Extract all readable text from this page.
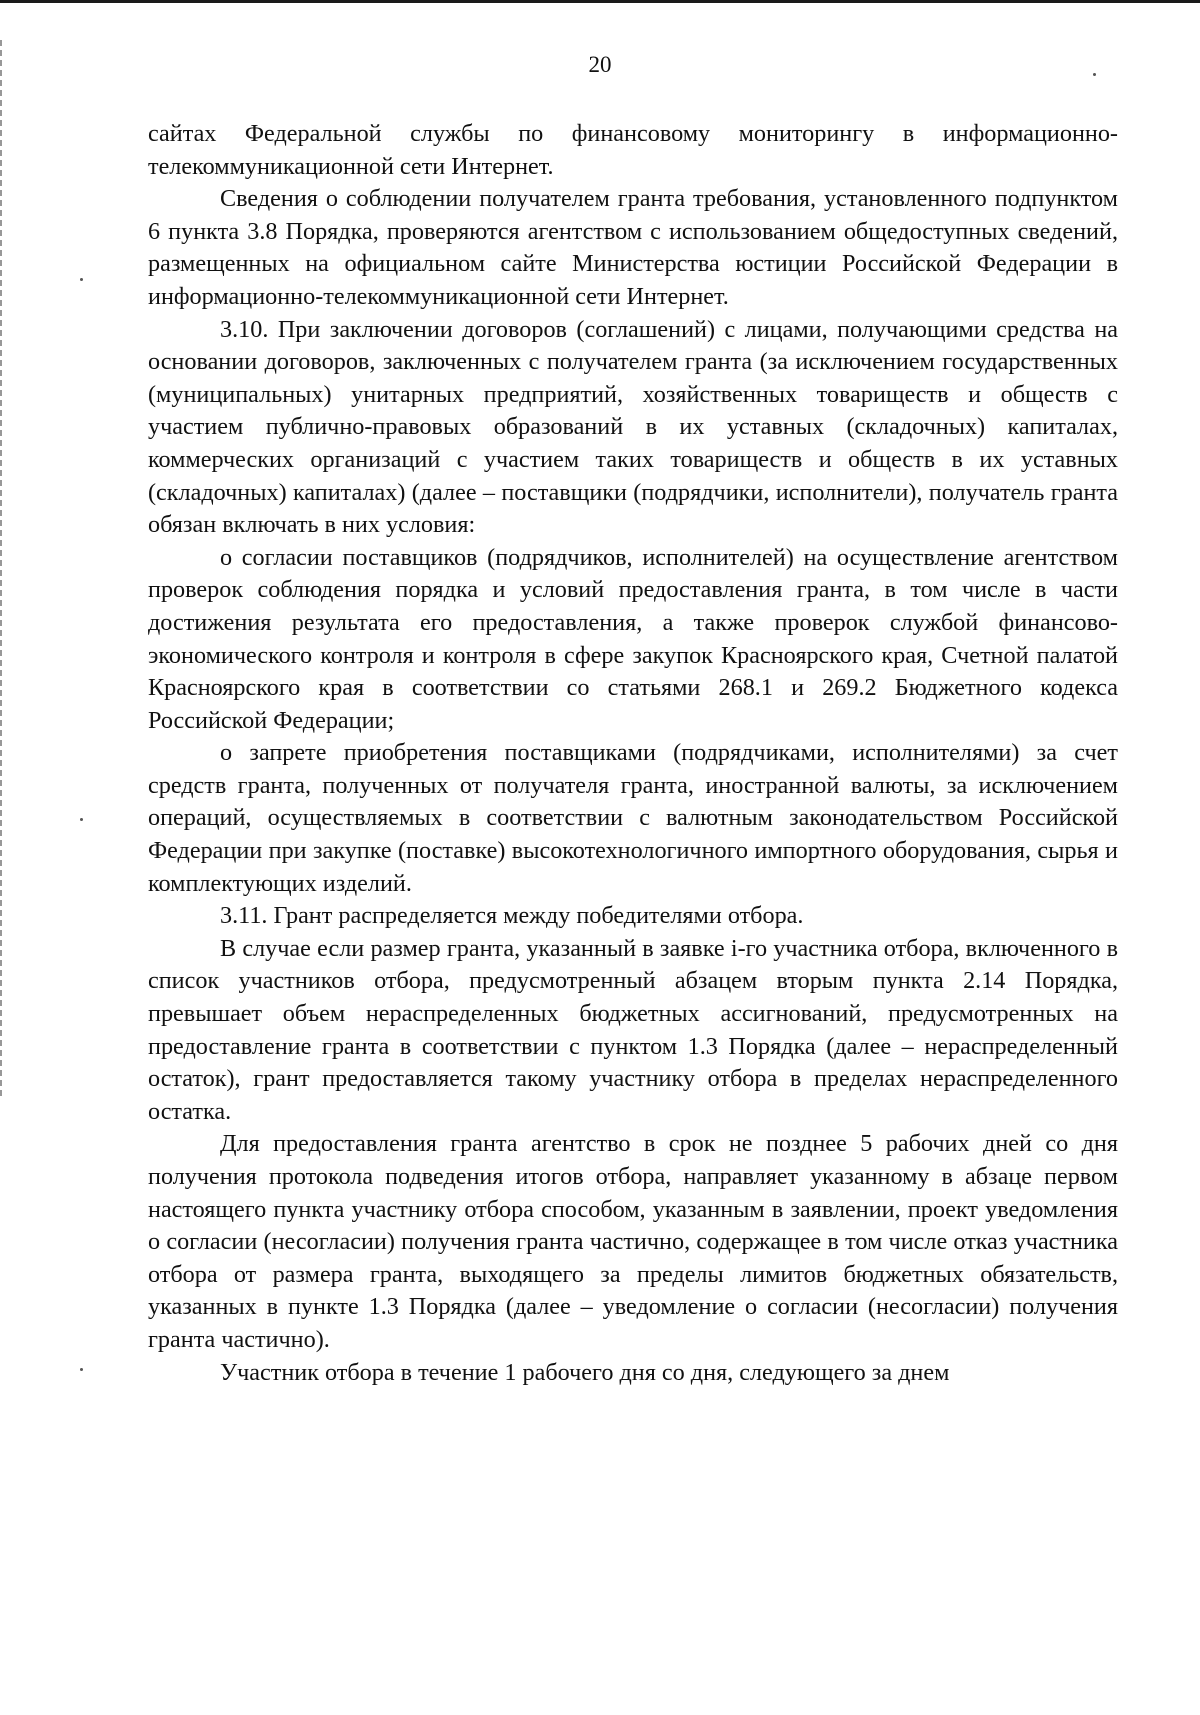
20

сайтах Федеральной службы по финансовому мониторингу в информационно-телекоммуникационной сети Интернет.

Сведения о соблюдении получателем гранта требования, установленного подпунктом 6 пункта 3.8 Порядка, проверяются агентством с использованием общедоступных сведений, размещенных на официальном сайте Министерства юстиции Российской Федерации в информационно-телекоммуникационной сети Интернет.

3.10. При заключении договоров (соглашений) с лицами, получающими средства на основании договоров, заключенных с получателем гранта (за исключением государственных (муниципальных) унитарных предприятий, хозяйственных товариществ и обществ с участием публично-правовых образований в их уставных (складочных) капиталах, коммерческих организаций с участием таких товариществ и обществ в их уставных (складочных) капиталах) (далее – поставщики (подрядчики, исполнители), получатель гранта обязан включать в них условия:

о согласии поставщиков (подрядчиков, исполнителей) на осуществление агентством проверок соблюдения порядка и условий предоставления гранта, в том числе в части достижения результата его предоставления, а также проверок службой финансово-экономического контроля и контроля в сфере закупок Красноярского края, Счетной палатой Красноярского края в соответствии со статьями 268.1 и 269.2 Бюджетного кодекса Российской Федерации;

о запрете приобретения поставщиками (подрядчиками, исполнителями) за счет средств гранта, полученных от получателя гранта, иностранной валюты, за исключением операций, осуществляемых в соответствии с валютным законодательством Российской Федерации при закупке (поставке) высокотехнологичного импортного оборудования, сырья и комплектующих изделий.

3.11. Грант распределяется между победителями отбора.

В случае если размер гранта, указанный в заявке i-го участника отбора, включенного в список участников отбора, предусмотренный абзацем вторым пункта 2.14 Порядка, превышает объем нераспределенных бюджетных ассигнований, предусмотренных на предоставление гранта в соответствии с пунктом 1.3 Порядка (далее – нераспределенный остаток), грант предоставляется такому участнику отбора в пределах нераспределенного остатка.

Для предоставления гранта агентство в срок не позднее 5 рабочих дней со дня получения протокола подведения итогов отбора, направляет указанному в абзаце первом настоящего пункта участнику отбора способом, указанным в заявлении, проект уведомления о согласии (несогласии) получения гранта частично, содержащее в том числе отказ участника отбора от размера гранта, выходящего за пределы лимитов бюджетных обязательств, указанных в пункте 1.3 Порядка (далее – уведомление о согласии (несогласии) получения гранта частично).

Участник отбора в течение 1 рабочего дня со дня, следующего за днем
